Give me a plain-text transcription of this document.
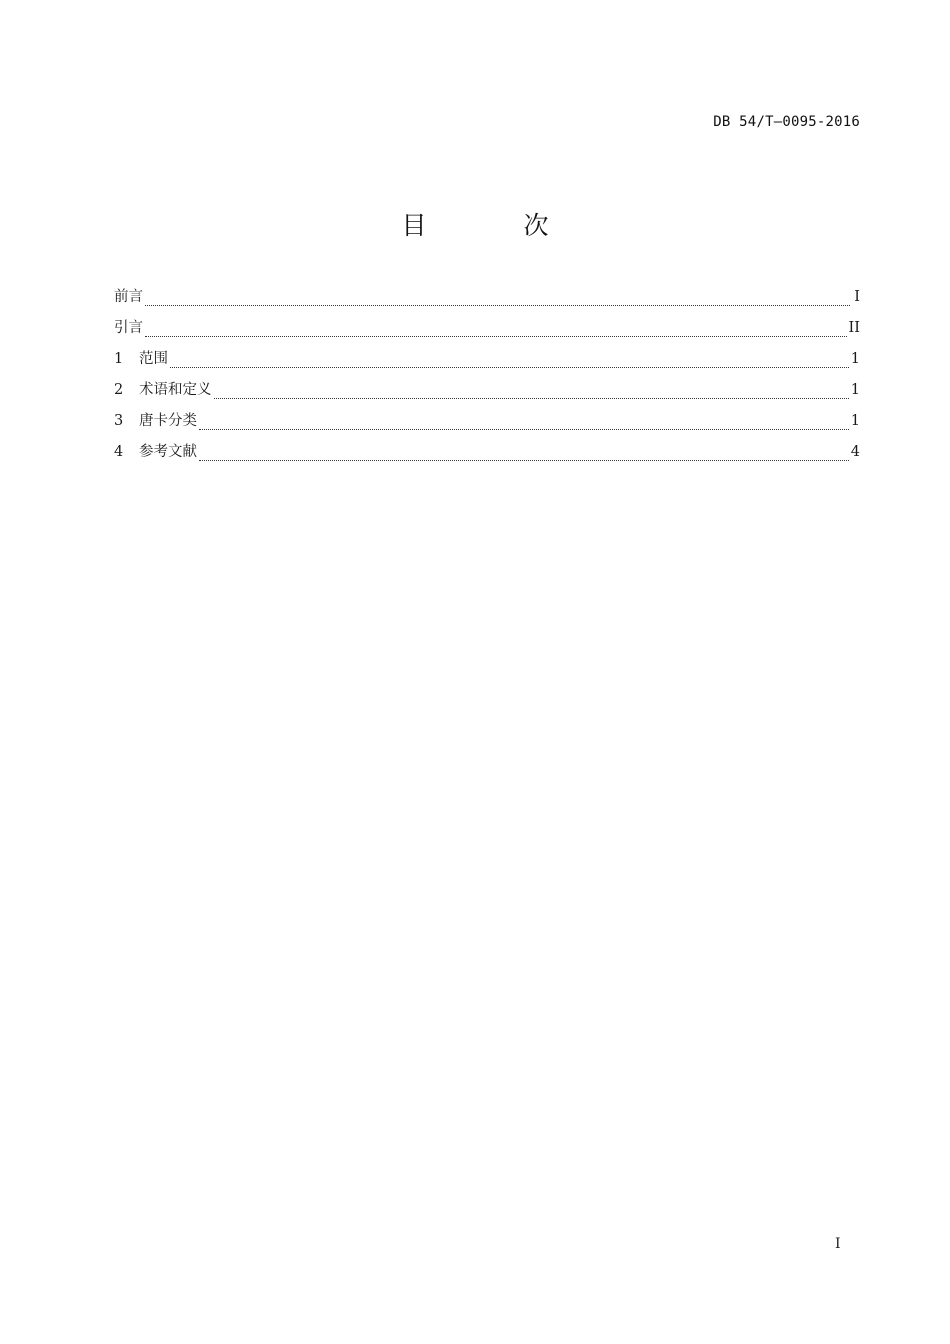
DB 54/T—0095-2016
目　次
前言	I
引言	II
1	范围	1
2	术语和定义	1
3	唐卡分类	1
4	参考文献	4
I
